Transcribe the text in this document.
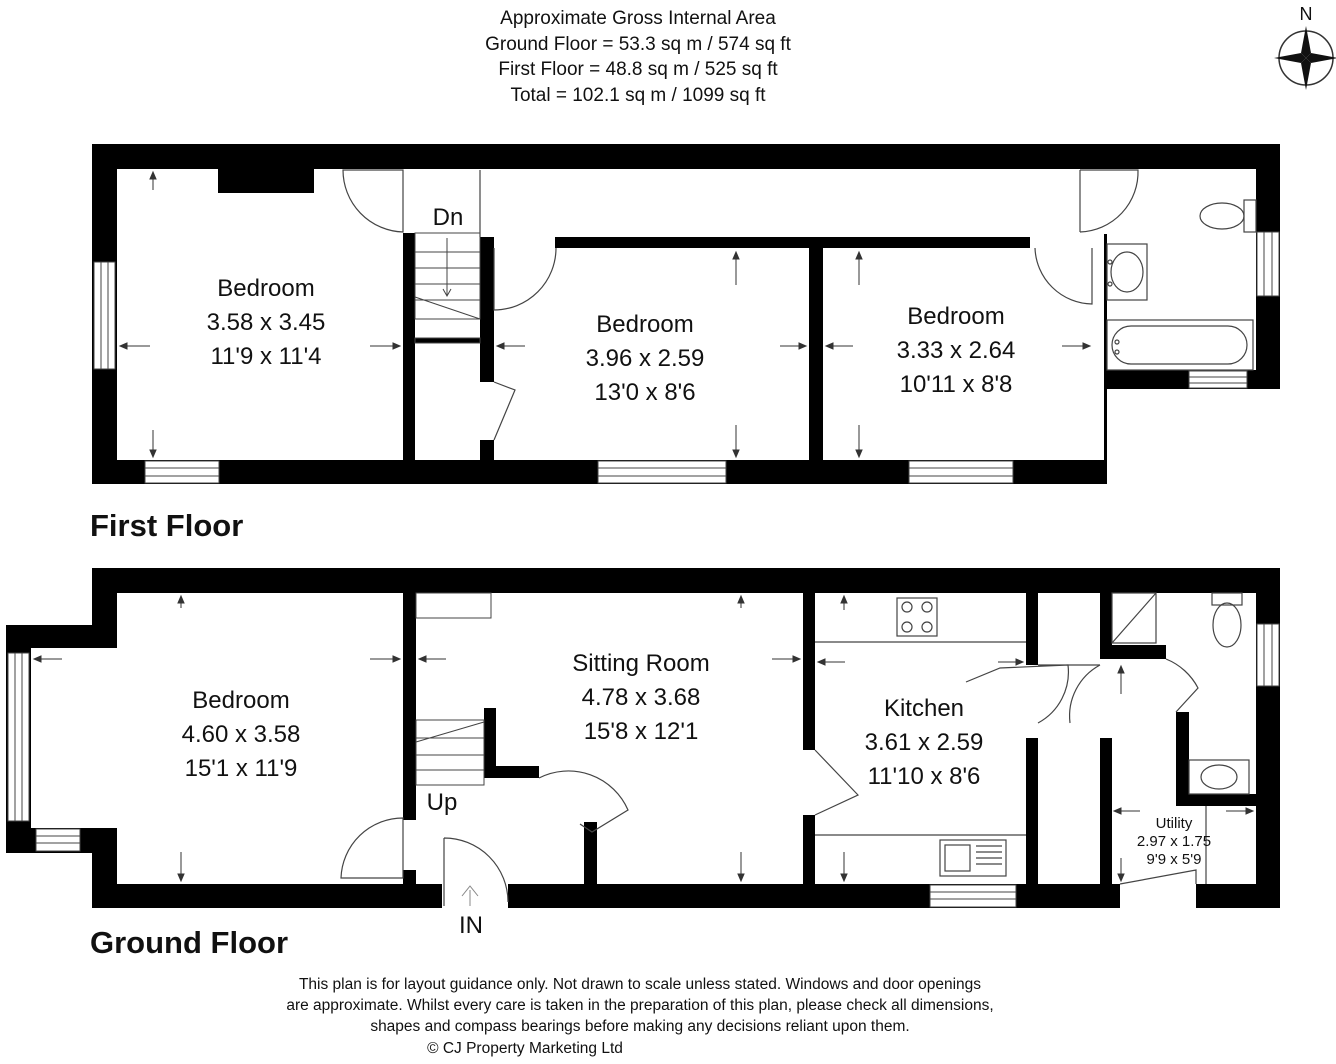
Approximate Gross Internal Area
Ground Floor = 53.3 sq m / 574 sq ft
First Floor = 48.8 sq m / 525 sq ft
Total = 102.1 sq m / 1099 sq ft
N
Bedroom
3.58 x 3.45
11'9 x 11'4
Bedroom
3.96 x 2.59
13'0 x 8'6
Bedroom
3.33 x 2.64
10'11 x 8'8
Dn
First Floor
Bedroom
4.60 x 3.58
15'1 x 11'9
Sitting Room
4.78 x 3.68
15'8 x 12'1
Kitchen
3.61 x 2.59
11'10 x 8'6
Utility
2.97 x 1.75
9'9 x 5'9
Up
IN
Ground Floor
This plan is for layout guidance only. Not drawn to scale unless stated. Windows and door openings
are approximate. Whilst every care is taken in the preparation of this plan, please check all dimensions,
shapes and compass bearings before making any decisions reliant upon them.
© CJ Property Marketing Ltd
